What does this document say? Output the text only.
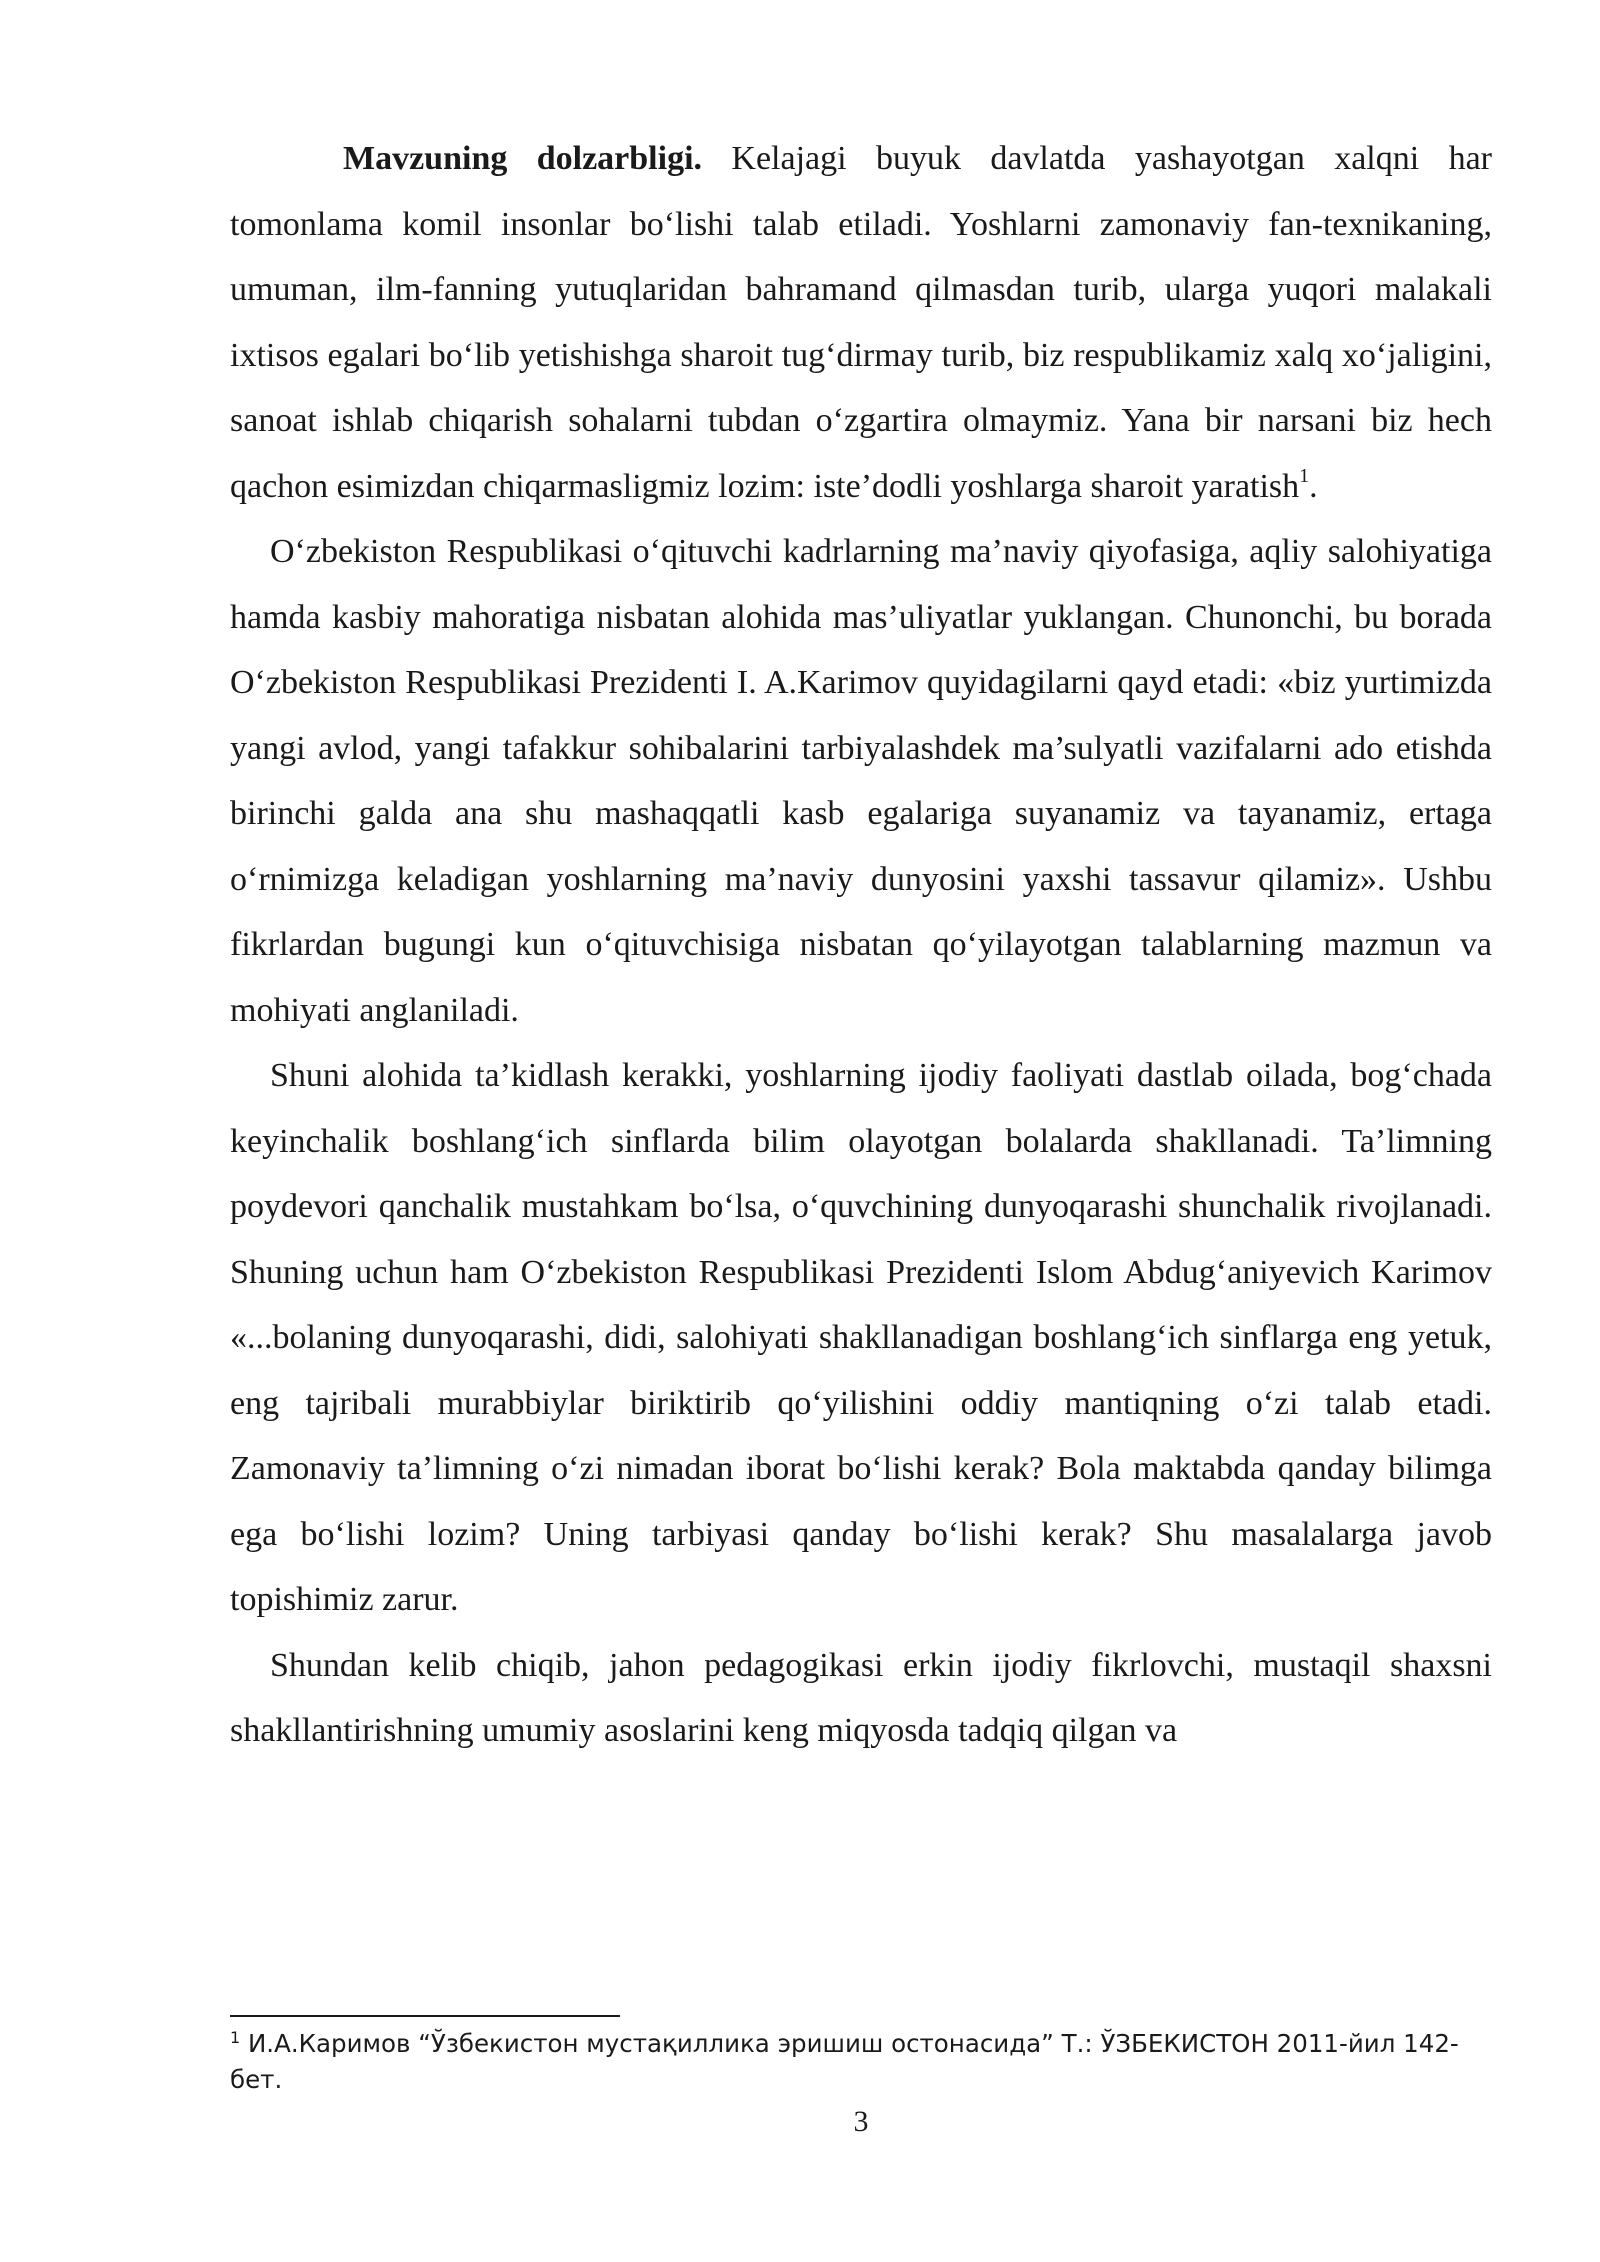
Mavzuning dolzarbligi. Kelajagi buyuk davlatda yashayotgan xalqni har tomonlama komil insonlar bo‘lishi talab etiladi. Yoshlarni zamonaviy fan-texnikaning, umuman, ilm-fanning yutuqlaridan bahramand qilmasdan turib, ularga yuqori malakali ixtisos egalari bo‘lib yetishishga sharoit tug‘dirmay turib, biz respublikamiz xalq xo‘jaligini, sanoat ishlab chiqarish sohalarni tubdan o‘zgartira olmaymiz. Yana bir narsani biz hech qachon esimizdan chiqarmasligmiz lozim: iste’dodli yoshlarga sharoit yaratish$^1$.

O‘zbekiston Respublikasi o‘qituvchi kadrlarning ma’naviy qiyofasiga, aqliy salohiyatiga hamda kasbiy mahoratiga nisbatan alohida mas’uliyatlar yuklangan. Chunonchi, bu borada O‘zbekiston Respublikasi Prezidenti I. A.Karimov quyidagilarni qayd etadi: «biz yurtimizda yangi avlod, yangi tafakkur sohibalarini tarbiyalashdek ma’sulyatli vazifalarni ado etishda birinchi galda ana shu mashaqqatli kasb egalariga suyanamiz va tayanamiz, ertaga o‘rnimizga keladigan yoshlarning ma’naviy dunyosini yaxshi tassavur qilamiz». Ushbu fikrlardan bugungi kun o‘qituvchisiga nisbatan qo‘yilayotgan talablarning mazmun va mohiyati anglaniladi.

Shuni alohida ta’kidlash kerakki, yoshlarning ijodiy faoliyati dastlab oilada, bog‘chada keyinchalik boshlang‘ich sinflarda bilim olayotgan bolalarda shakllanadi. Ta’limning poydevori qanchalik mustahkam bo‘lsa, o‘quvchining dunyoqarashi shunchalik rivojlanadi. Shuning uchun ham O‘zbekiston Respublikasi Prezidenti Islom Abdug‘aniyevich Karimov «...bolaning dunyoqarashi, didi, salohiyati shakllanadigan boshlang‘ich sinflarga eng yetuk, eng tajribali murabbiylar biriktirib qo‘yilishini oddiy mantiqning o‘zi talab etadi. Zamonaviy ta’limning o‘zi nimadan iborat bo‘lishi kerak? Bola maktabda qanday bilimga ega bo‘lishi lozim? Uning tarbiyasi qanday bo‘lishi kerak? Shu masalalarga javob topishimiz zarur.

Shundan kelib chiqib, jahon pedagogikasi erkin ijodiy fikrlovchi, mustaqil shaxsni shakllantirishning umumiy asoslarini keng miqyosda tadqiq qilgan va

$^1$ И.А.Каримов “Ўзбекистон мустақиллика эришиш остонасида” Т.: ЎЗБЕКИСТОН 2011-йил 142-бет.
3
